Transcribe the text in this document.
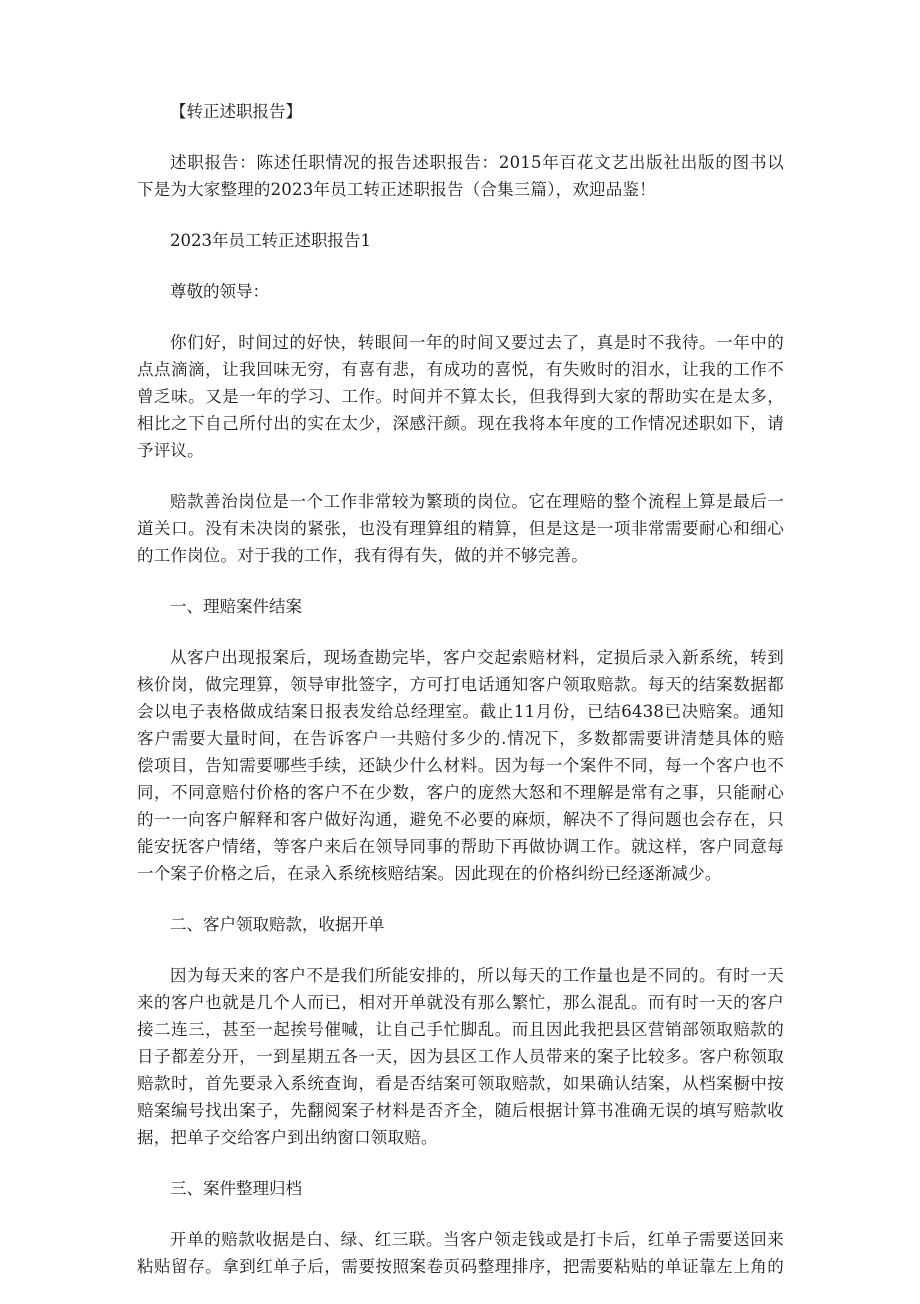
【转正述职报告】

述职报告：陈述任职情况的报告述职报告：2015年百花文艺出版社出版的图书以

下是为大家整理的2023年员工转正述职报告（合集三篇），欢迎品鉴！

2023年员工转正述职报告1

尊敬的领导：

你们好，时间过的好快，转眼间一年的时间又要过去了，真是时不我待。一年中的

点点滴滴，让我回味无穷，有喜有悲，有成功的喜悦，有失败时的泪水，让我的工作不

曾乏味。又是一年的学习、工作。时间并不算太长，但我得到大家的帮助实在是太多，

相比之下自己所付出的实在太少，深感汗颜。现在我将本年度的工作情况述职如下，请

予评议。

赔款善治岗位是一个工作非常较为繁琐的岗位。它在理赔的整个流程上算是最后一

道关口。没有未决岗的紧张，也没有理算组的精算，但是这是一项非常需要耐心和细心

的工作岗位。对于我的工作，我有得有失，做的并不够完善。

一、理赔案件结案

从客户出现报案后，现场查勘完毕，客户交起索赔材料，定损后录入新系统，转到

核价岗，做完理算，领导审批签字，方可打电话通知客户领取赔款。每天的结案数据都

会以电子表格做成结案日报表发给总经理室。截止11月份，已结6438已决赔案。通知

客户需要大量时间，在告诉客户一共赔付多少的.情况下，多数都需要讲清楚具体的赔

偿项目，告知需要哪些手续，还缺少什么材料。因为每一个案件不同，每一个客户也不

同，不同意赔付价格的客户不在少数，客户的庞然大怒和不理解是常有之事，只能耐心

的一一向客户解释和客户做好沟通，避免不必要的麻烦，解决不了得问题也会存在，只

能安抚客户情绪，等客户来后在领导同事的帮助下再做协调工作。就这样，客户同意每

一个案子价格之后，在录入系统核赔结案。因此现在的价格纠纷已经逐渐减少。

二、客户领取赔款，收据开单

因为每天来的客户不是我们所能安排的，所以每天的工作量也是不同的。有时一天

来的客户也就是几个人而已，相对开单就没有那么繁忙，那么混乱。而有时一天的客户

接二连三，甚至一起挨号催喊，让自己手忙脚乱。而且因此我把县区营销部领取赔款的

日子都差分开，一到星期五各一天，因为县区工作人员带来的案子比较多。客户称领取

赔款时，首先要录入系统查询，看是否结案可领取赔款，如果确认结案，从档案橱中按

赔案编号找出案子，先翻阅案子材料是否齐全，随后根据计算书准确无误的填写赔款收

据，把单子交给客户到出纳窗口领取赔。

三、案件整理归档

开单的赔款收据是白、绿、红三联。当客户领走钱或是打卡后，红单子需要送回来

粘贴留存。拿到红单子后，需要按照案卷页码整理排序，把需要粘贴的单证靠左上角的
